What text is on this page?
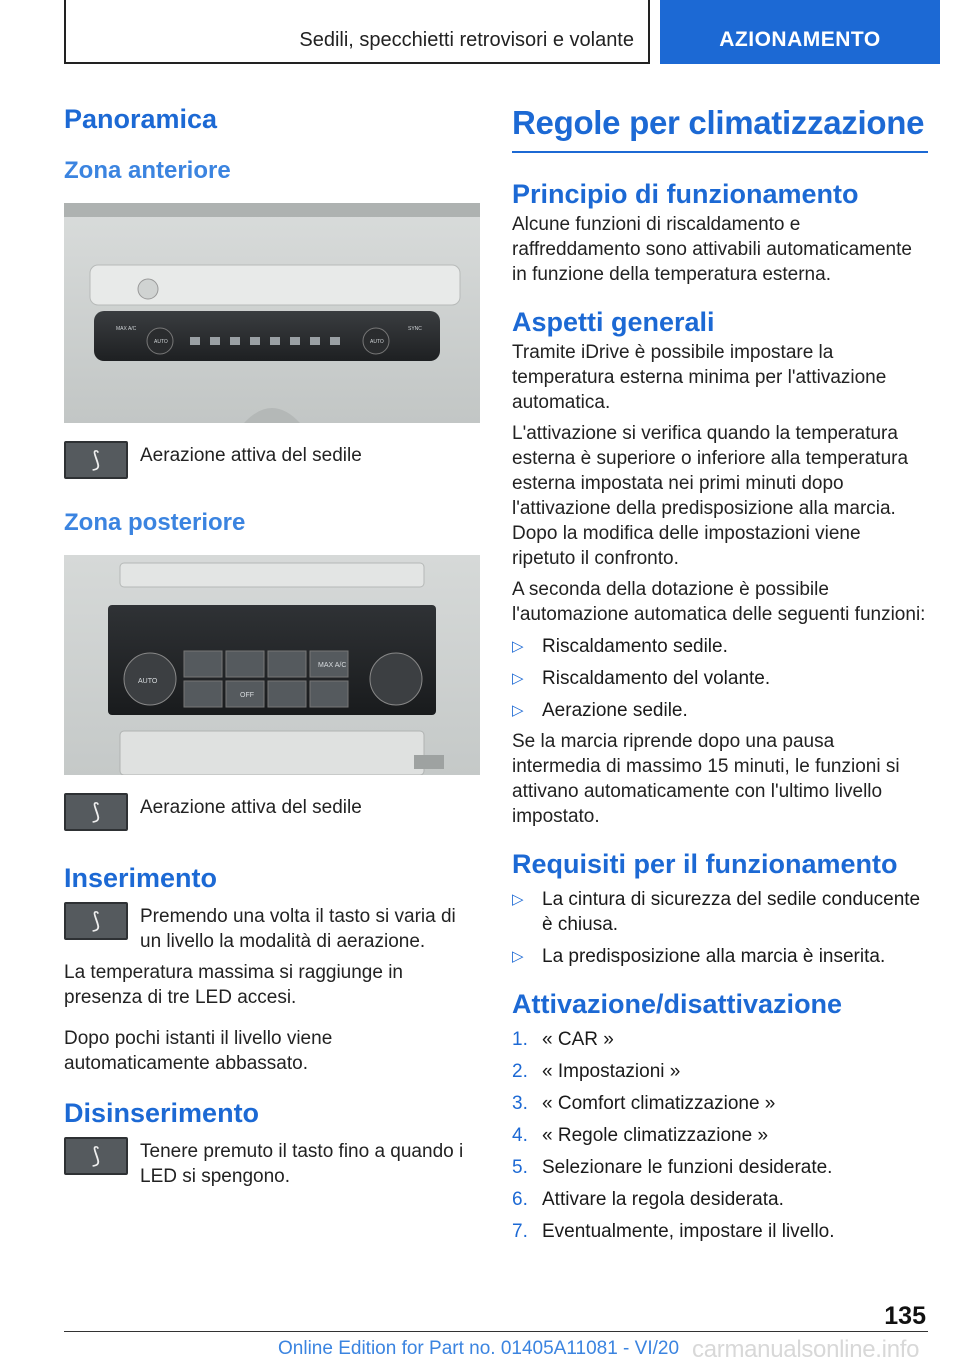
Sedili, specchietti retrovisori e volante	AZIONAMENTO
Panoramica
Zona anteriore
MAX A/C
AUTO
SYNC
AUTO
⟆ Aerazione attiva del sedile
Zona posteriore
AUTO
OFF
MAX A/C
⟆ Aerazione attiva del sedile
Inserimento
⟆ Premendo una volta il tasto si varia di un livello la modalità di aerazione.

La temperatura massima si raggiunge in presenza di tre LED accesi.

Dopo pochi istanti il livello viene automaticamente abbassato.

Disinserimento
⟆ Tenere premuto il tasto fino a quando i LED si spengono.
Regole per climatizzazione
Principio di funzionamento

Alcune funzioni di riscaldamento e raffreddamento sono attivabili automaticamente in funzione della temperatura esterna.

Aspetti generali

Tramite iDrive è possibile impostare la temperatura esterna minima per l'attivazione automatica.

L'attivazione si verifica quando la temperatura esterna è superiore o inferiore alla temperatura esterna impostata nei primi minuti dopo l'attivazione della predisposizione alla marcia. Dopo la modifica delle impostazioni viene ripetuto il confronto.

A seconda della dotazione è possibile l'automazione automatica delle seguenti funzioni:

▷ Riscaldamento sedile.
▷ Riscaldamento del volante.
▷ Aerazione sedile.

Se la marcia riprende dopo una pausa intermedia di massimo 15 minuti, le funzioni si attivano automaticamente con l'ultimo livello impostato.

Requisiti per il funzionamento
▷ La cintura di sicurezza del sedile conducente è chiusa.
▷ La predisposizione alla marcia è inserita.
Attivazione/disattivazione
1. « CAR »
2. « Impostazioni »
3. « Comfort climatizzazione »
4. « Regole climatizzazione »
5. Selezionare le funzioni desiderate.
6. Attivare la regola desiderata.
7. Eventualmente, impostare il livello.
135
Online Edition for Part no. 01405A11081 - VI/20 carmanualsonline.info
